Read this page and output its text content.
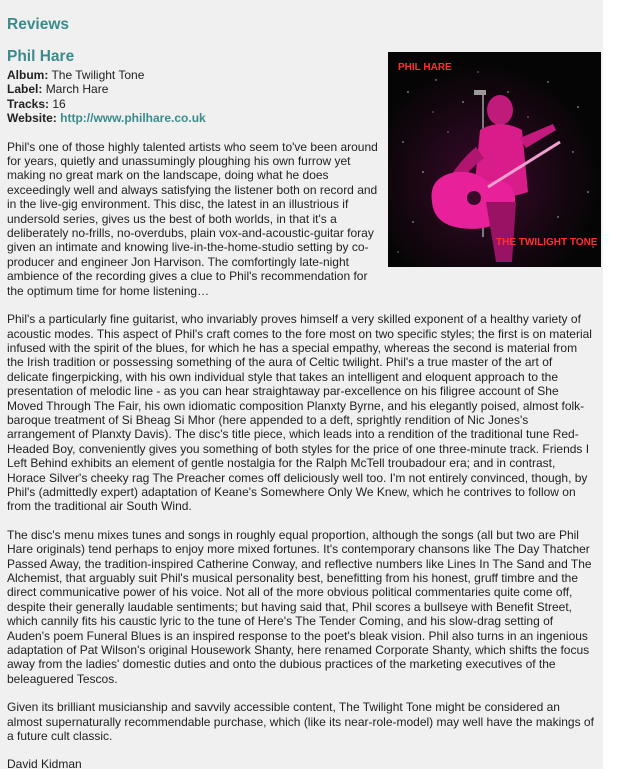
Reviews
PHIL HARE
THE TWILIGHT TONE
Phil Hare
Album: The Twilight Tone
Label: March Hare
Tracks: 16
Website: http://www.philhare.co.uk

Phil's one of those highly talented artists who seem to've been around for years, quietly and unassumingly ploughing his own furrow yet making no great mark on the landscape, doing what he does exceedingly well and always satisfying the listener both on record and in the live-gig environment. This disc, the latest in an illustrious if undersold series, gives us the best of both worlds, in that it's a deliberately no-frills, no-overdubs, plain vox-and-acoustic-guitar foray given an intimate and knowing live-in-the-home-studio setting by co-producer and engineer Jon Harvison. The comfortingly late-night ambience of the recording gives a clue to Phil's recommendation for the optimum time for home listening…

Phil's a particularly fine guitarist, who invariably proves himself a very skilled exponent of a healthy variety of acoustic modes. This aspect of Phil's craft comes to the fore most on two specific styles; the first is on material infused with the spirit of the blues, for which he has a special empathy, whereas the second is material from the Irish tradition or possessing something of the aura of Celtic twilight. Phil's a true master of the art of delicate fingerpicking, with his own individual style that takes an intelligent and eloquent approach to the presentation of melodic line - as you can hear straightaway par-excellence on his filigree account of She Moved Through The Fair, his own idiomatic composition Planxty Byrne, and his elegantly poised, almost folk-baroque treatment of Si Bheag Si Mhor (here appended to a deft, sprightly rendition of Nic Jones's arrangement of Planxty Davis). The disc's title piece, which leads into a rendition of the traditional tune Red-Headed Boy, conveniently gives you something of both styles for the price of one three-minute track. Friends I Left Behind exhibits an element of gentle nostalgia for the Ralph McTell troubadour era; and in contrast, Horace Silver's cheeky rag The Preacher comes off deliciously well too. I'm not entirely convinced, though, by Phil's (admittedly expert) adaptation of Keane's Somewhere Only We Knew, which he contrives to follow on from the traditional air South Wind.

The disc's menu mixes tunes and songs in roughly equal proportion, although the songs (all but two are Phil Hare originals) tend perhaps to enjoy more mixed fortunes. It's contemporary chansons like The Day Thatcher Passed Away, the tradition-inspired Catherine Conway, and reflective numbers like Lines In The Sand and The Alchemist, that arguably suit Phil's musical personality best, benefitting from his honest, gruff timbre and the direct communicative power of his voice. Not all of the more obvious political commentaries quite come off, despite their generally laudable sentiments; but having said that, Phil scores a bullseye with Benefit Street, which cannily fits his caustic lyric to the tune of Here's The Tender Coming, and his slow-drag setting of Auden's poem Funeral Blues is an inspired response to the poet's bleak vision. Phil also turns in an ingenious adaptation of Pat Wilson's original Housework Shanty, here renamed Corporate Shanty, which shifts the focus away from the ladies' domestic duties and onto the dubious practices of the marketing executives of the beleaguered Tescos.

Given its brilliant musicianship and savvily accessible content, The Twilight Tone might be considered an almost supernaturally recommendable purchase, which (like its near-role-model) may well have the makings of a future cult classic.

David Kidman
